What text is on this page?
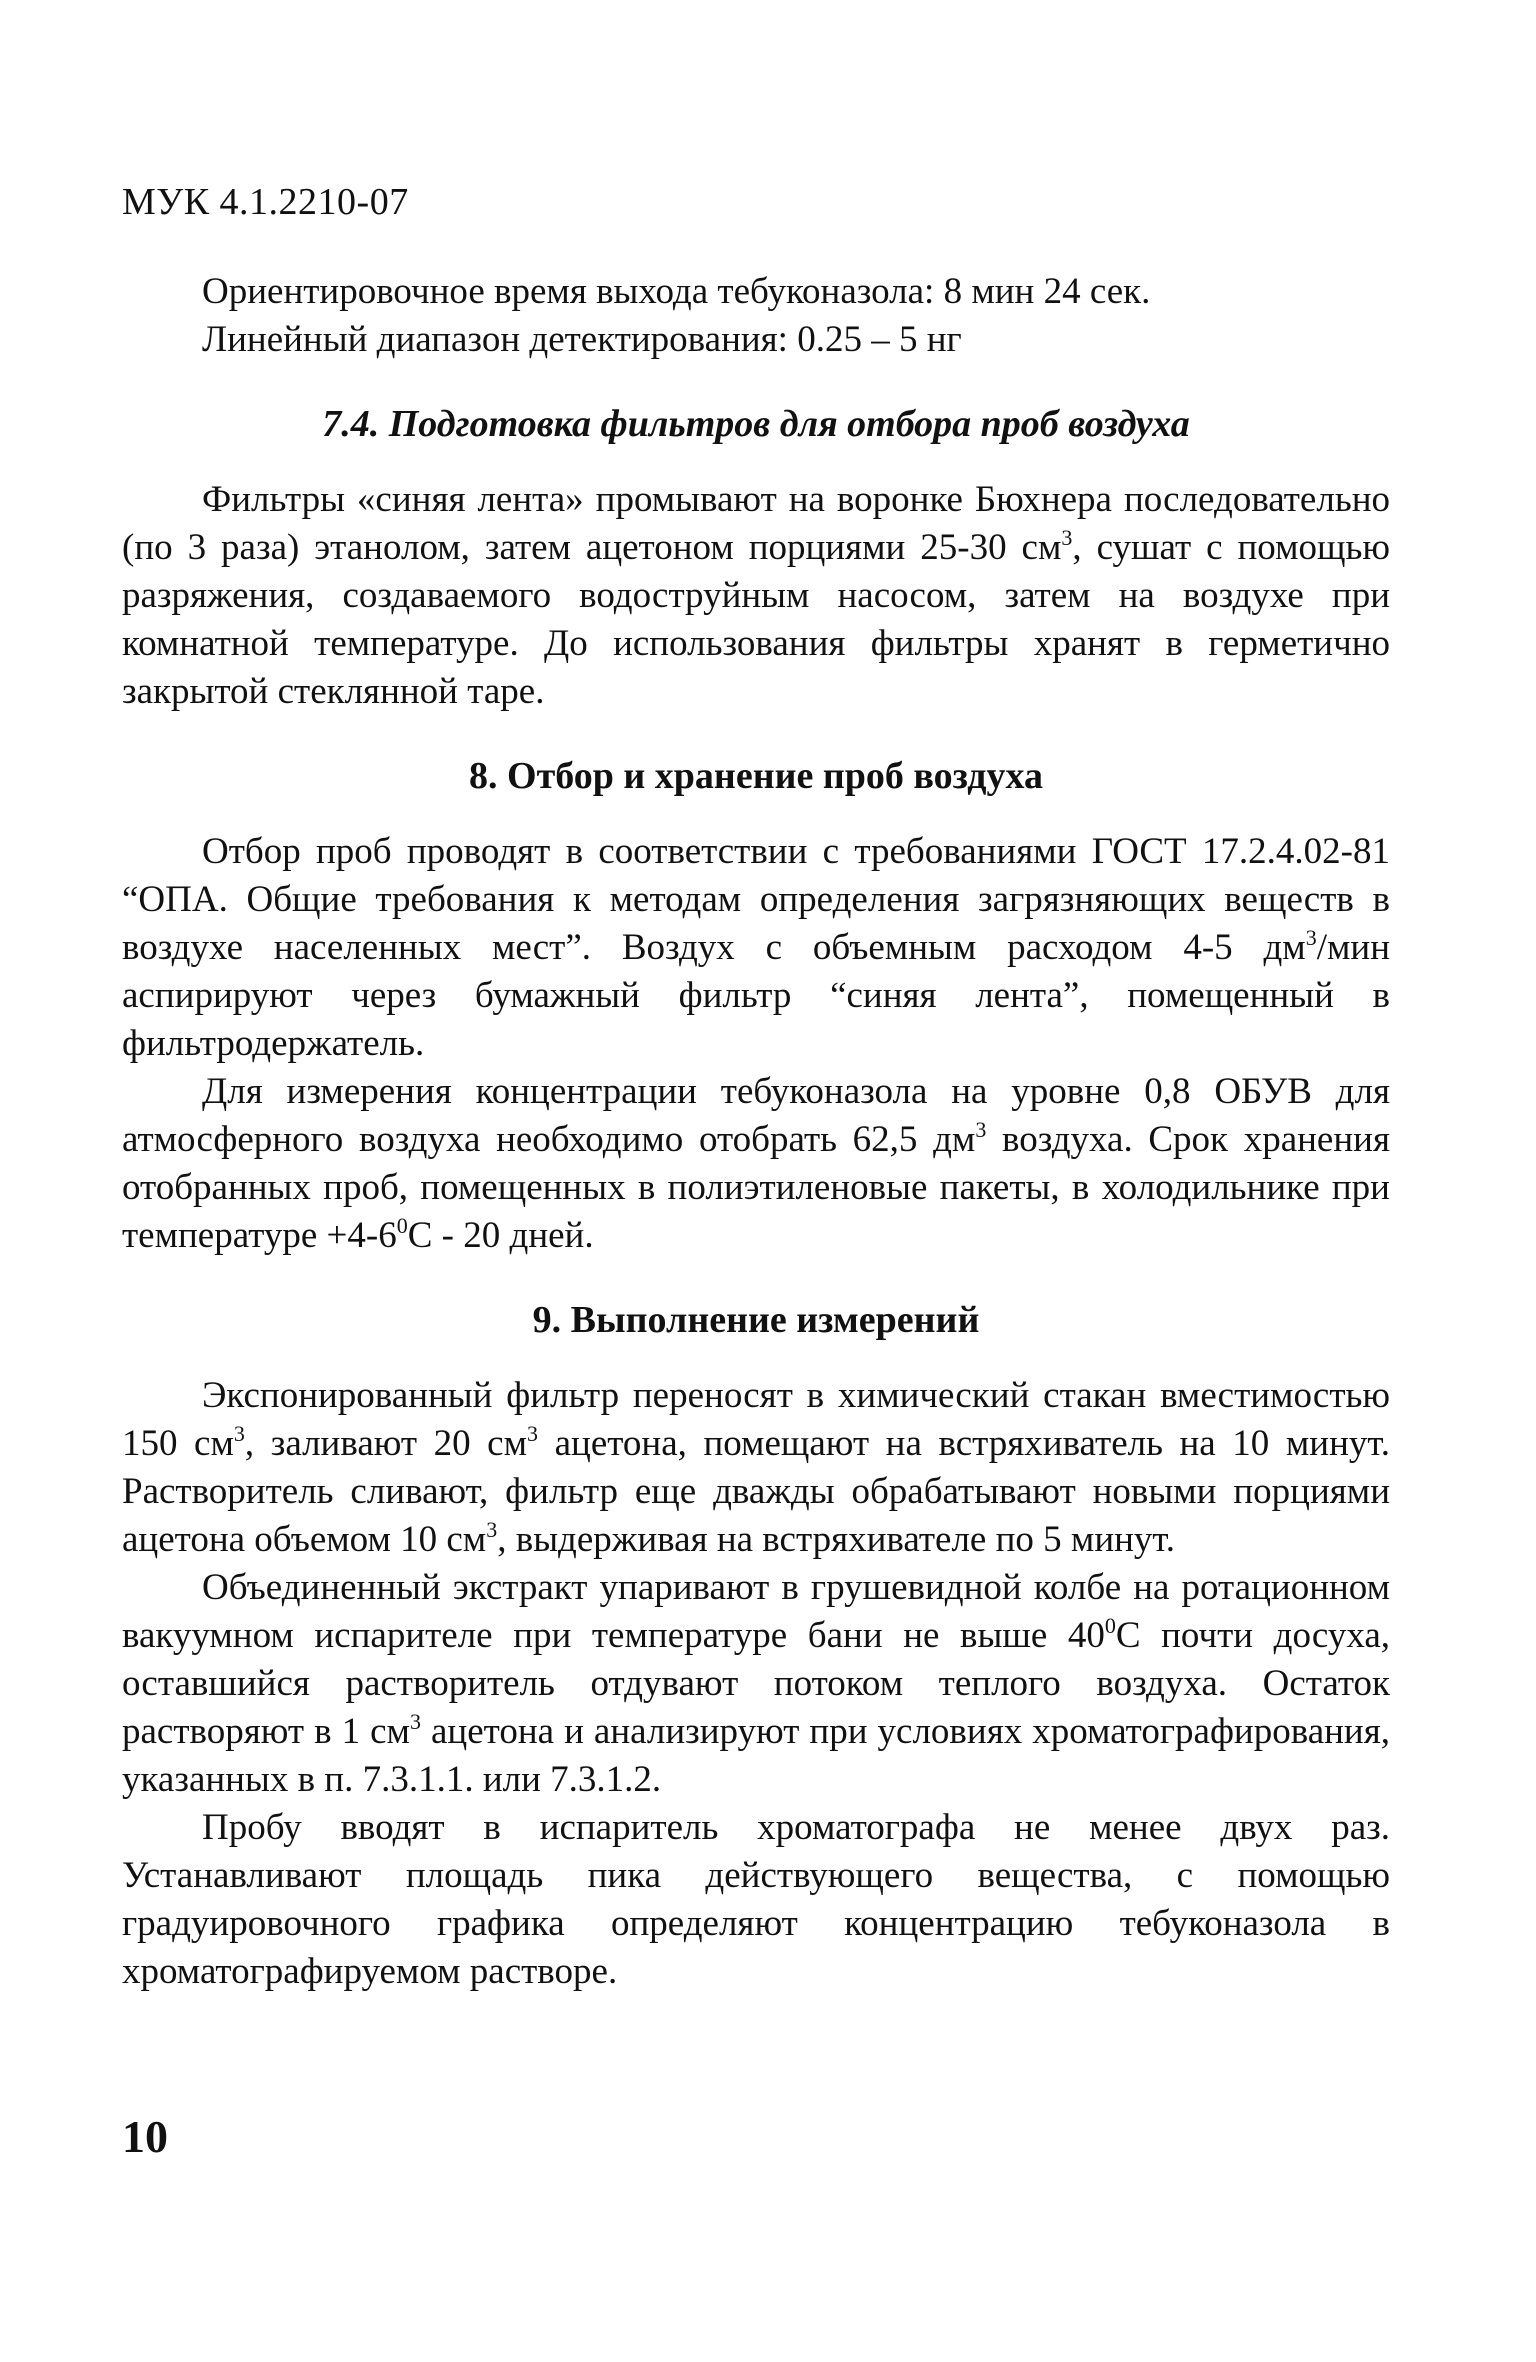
МУК 4.1.2210-07

Ориентировочное время выхода тебуконазола: 8 мин 24 сек.

Линейный диапазон детектирования: 0.25 – 5 нг

7.4. Подготовка фильтров для отбора проб воздуха

Фильтры «синяя лента» промывают на воронке Бюхнера последовательно (по 3 раза) этанолом, затем ацетоном порциями 25-30 $см^3$, сушат с помощью разряжения, создаваемого водоструйным насосом, затем на воздухе при комнатной температуре. До использования фильтры хранят в герметично закрытой стеклянной таре.

8. Отбор и хранение проб воздуха

Отбор проб проводят в соответствии с требованиями ГОСТ 17.2.4.02-81 “ОПА. Общие требования к методам определения загрязняющих веществ в воздухе населенных мест”. Воздух с объемным расходом 4-5 $дм^3$/мин аспирируют через бумажный фильтр “синяя лента”, помещенный в фильтродержатель.

Для измерения концентрации тебуконазола на уровне 0,8 ОБУВ для атмосферного воздуха необходимо отобрать 62,5 $дм^3$ воздуха. Срок хранения отобранных проб, помещенных в полиэтиленовые пакеты, в холодильнике при температуре $+4-6^0С - 20$ дней.

9. Выполнение измерений

Экспонированный фильтр переносят в химический стакан вместимостью 150 $см^3$, заливают 20 $см^3$ ацетона, помещают на встряхиватель на 10 минут. Растворитель сливают, фильтр еще дважды обрабатывают новыми порциями ацетона объемом 10 $см^3$, выдерживая на встряхивателе по 5 минут.

Объединенный экстракт упаривают в грушевидной колбе на ротационном вакуумном испарителе при температуре бани не выше $40^0С$ почти досуха, оставшийся растворитель отдувают потоком теплого воздуха. Остаток растворяют в 1 $см^3$ ацетона и анализируют при условиях хроматографирования, указанных в п. 7.3.1.1. или 7.3.1.2.

Пробу вводят в испаритель хроматографа не менее двух раз. Устанавливают площадь пика действующего вещества, с помощью градуировочного графика определяют концентрацию тебуконазола в хроматографируемом растворе.

10
